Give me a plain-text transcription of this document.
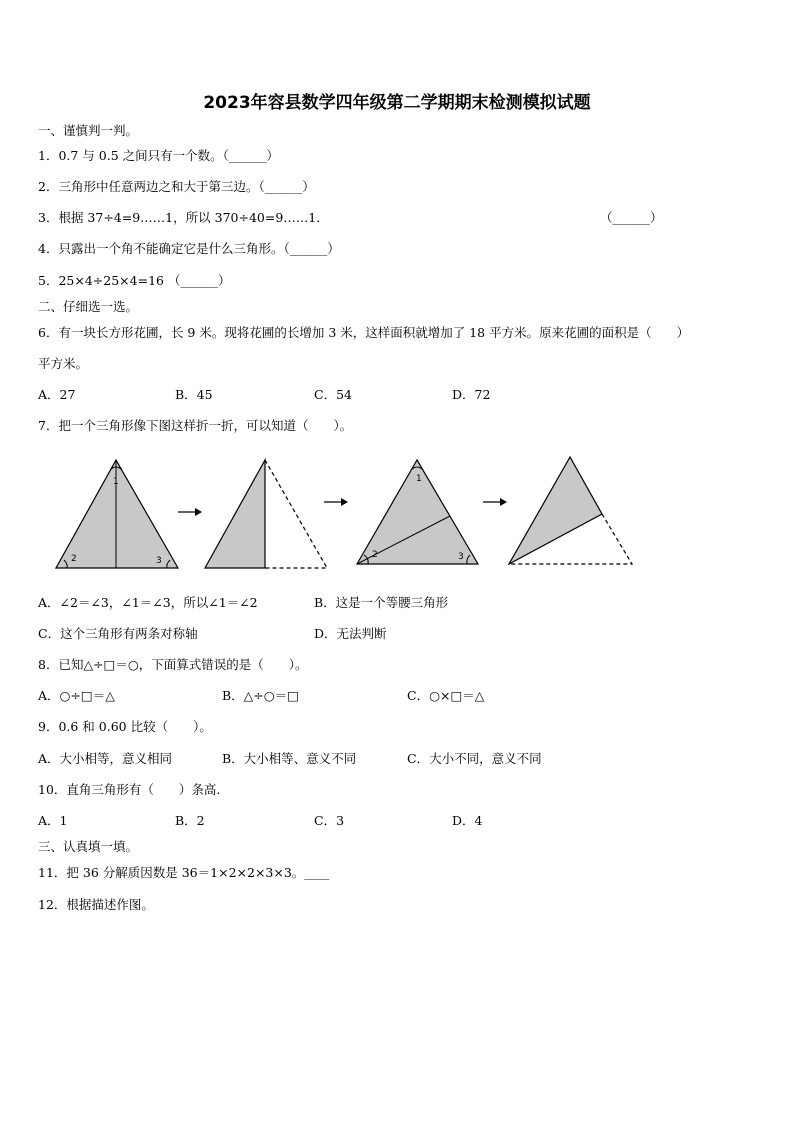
2023年容县数学四年级第二学期期末检测模拟试题
一、谨慎判一判。
1．0.7 与 0.5 之间只有一个数。（______）
2．三角形中任意两边之和大于第三边。（______）
3．根据 37÷4=9……1，所以 370÷40=9……1．	（______）
4．只露出一个角不能确定它是什么三角形。（______）
5．25×4÷25×4=16 （______）
二、仔细选一选。
6．有一块长方形花圃，长 9 米。现将花圃的长增加 3 米，这样面积就增加了 18 平方米。原来花圃的面积是（　　）
平方米。
A．27	B．45	C．54	D．72
7．把一个三角形像下图这样折一折，可以知道（　　）。
1
2	3
1
2	3
A．∠2＝∠3，∠1＝∠3，所以∠1＝∠2	B．这是一个等腰三角形
C．这个三角形有两条对称轴	D．无法判断
8．已知△÷□＝○，下面算式错误的是（　　）。
A．○÷□＝△	B．△÷○＝□	C．○×□＝△
9．0.6 和 0.60 比较（　　）。
A．大小相等，意义相同	B．大小相等、意义不同	C．大小不同，意义不同
10．直角三角形有（　　）条高.
A．1	B．2	C．3	D．4
三、认真填一填。
11．把 36 分解质因数是 36＝1×2×2×3×3。____
12．根据描述作图。
